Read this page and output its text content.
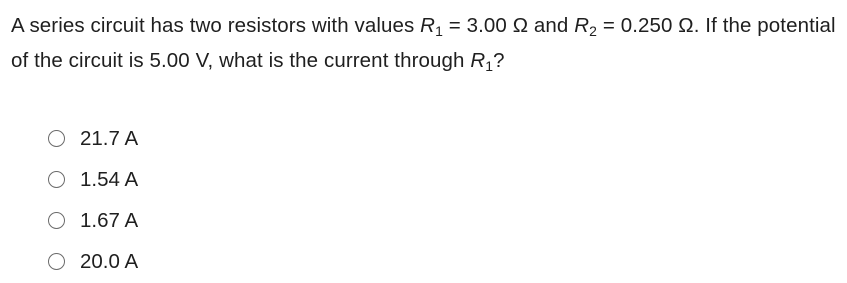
A series circuit has two resistors with values $R_1 = 3.00$ Ω and $R_2 = 0.250$ Ω. If the potential of the circuit is 5.00 V, what is the current through $R_1$?
21.7 A
1.54 A
1.67 A
20.0 A
